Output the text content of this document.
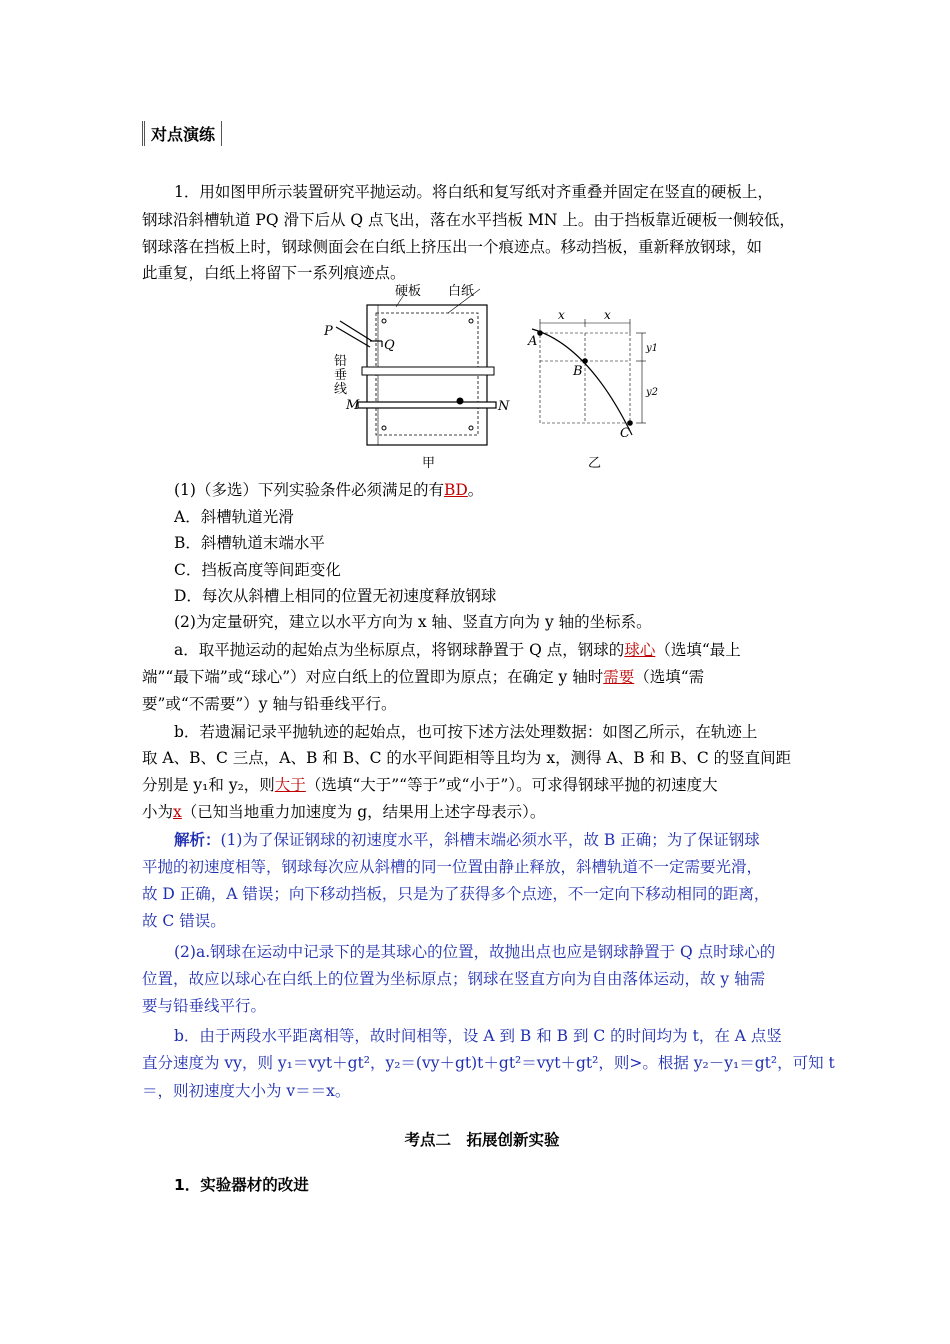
对点演练
1．用如图甲所示装置研究平抛运动。将白纸和复写纸对齐重叠并固定在竖直的硬板上，
钢球沿斜槽轨道 PQ 滑下后从 Q 点飞出，落在水平挡板 MN 上。由于挡板靠近硬板一侧较低，
钢球落在挡板上时，钢球侧面会在白纸上挤压出一个痕迹点。移动挡板，重新释放钢球，如
此重复，白纸上将留下一系列痕迹点。
(1)（多选）下列实验条件必须满足的有BD。
A．斜槽轨道光滑
B．斜槽轨道末端水平
C．挡板高度等间距变化
D．每次从斜槽上相同的位置无初速度释放钢球
(2)为定量研究，建立以水平方向为 x 轴、竖直方向为 y 轴的坐标系。
a．取平抛运动的起始点为坐标原点，将钢球静置于 Q 点，钢球的球心（选填“最上
端”“最下端”或“球心”）对应白纸上的位置即为原点；在确定 y 轴时需要（选填“需
要”或“不需要”）y 轴与铅垂线平行。
b．若遗漏记录平抛轨迹的起始点，也可按下述方法处理数据：如图乙所示，在轨迹上
取 A、B、C 三点，A、B 和 B、C 的水平间距相等且均为 x，测得 A、B 和 B、C 的竖直间距
分别是 y₁和 y₂，则大于（选填“大于”“等于”或“小于”）。可求得钢球平抛的初速度大
小为x（已知当地重力加速度为 g，结果用上述字母表示）。
解析：(1)为了保证钢球的初速度水平，斜槽末端必须水平，故 B 正确；为了保证钢球
平抛的初速度相等，钢球每次应从斜槽的同一位置由静止释放，斜槽轨道不一定需要光滑，
故 D 正确，A 错误；向下移动挡板，只是为了获得多个点迹，不一定向下移动相同的距离，
故 C 错误。
(2)a.钢球在运动中记录下的是其球心的位置，故抛出点也应是钢球静置于 Q 点时球心的
位置，故应以球心在白纸上的位置为坐标原点；钢球在竖直方向为自由落体运动，故 y 轴需
要与铅垂线平行。
b．由于两段水平距离相等，故时间相等，设 A 到 B 和 B 到 C 的时间均为 t，在 A 点竖
直分速度为 vy，则 y₁＝vyt＋gt²，y₂＝(vy＋gt)t＋gt²＝vyt＋gt²，则>。根据 y₂－y₁＝gt²，可知 t
＝，则初速度大小为 v＝＝x。
考点二　拓展创新实验
1．实验器材的改进
硬板 白纸
P
Q
铅
垂
线
M	N
甲	乙
A
B
C
x	x
y1
y2
